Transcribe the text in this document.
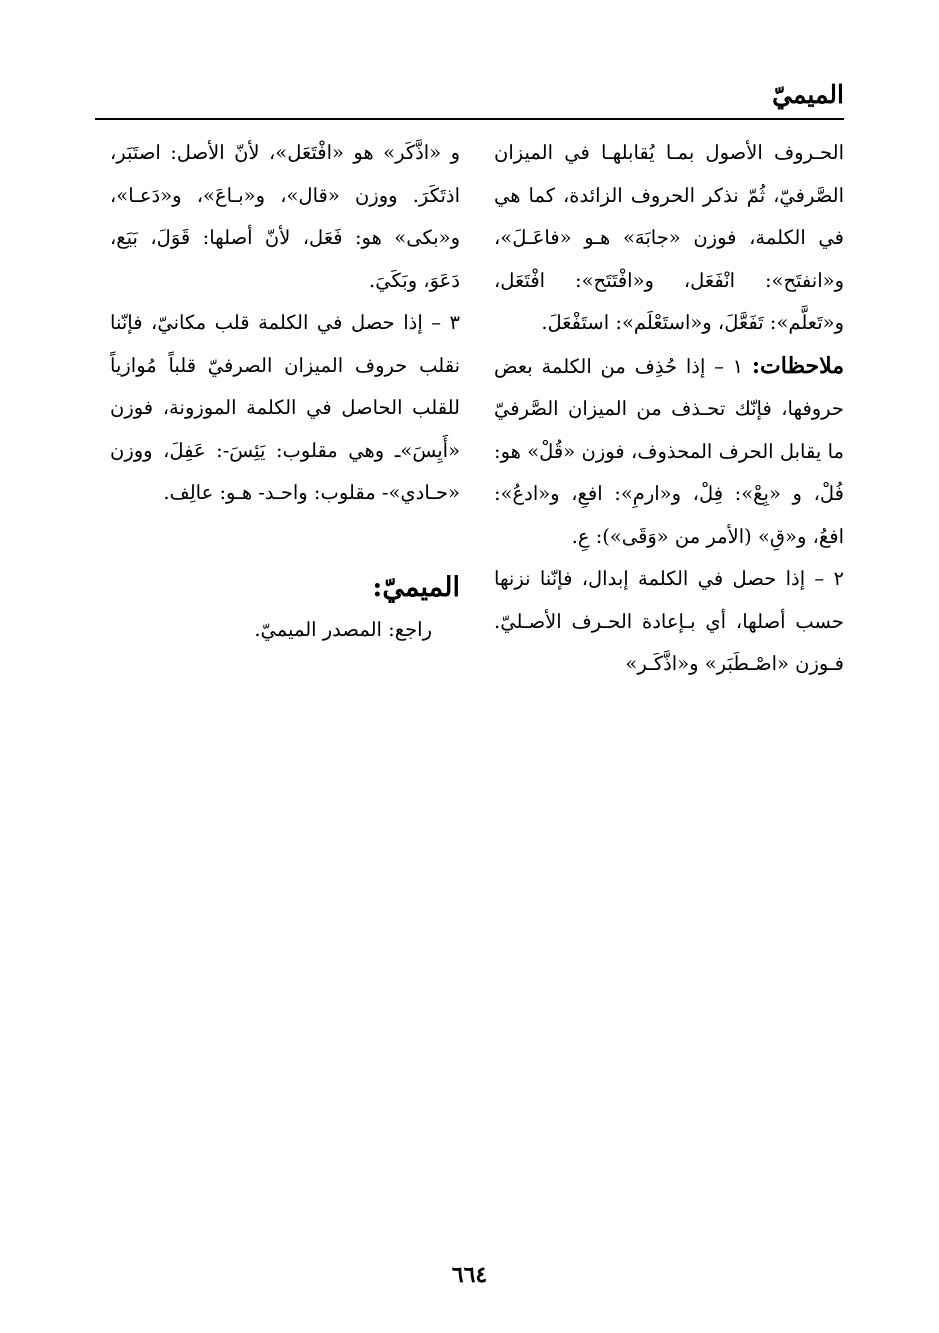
الميميّ

الحـروف الأصول بمـا يُقابلهـا في الميزان الصَّرفيّ، ثُمّ نذكر الحروف الزائدة، كما هي في الكلمة، فوزن «جابَهَ» هـو «فاعَـلَ»، و«انفتَح»: انْفَعَل، و«افْتَتَح»: افْتَعَل، و«تَعلَّم»: تَفَعَّلَ، و«استَعْلَم»: استَفْعَلَ.

ملاحظات: ١ – إذا حُذِف من الكلمة بعض حروفها، فإنّك تحـذف من الميزان الصَّرفيّ ما يقابل الحرف المحذوف، فوزن «قُلْ» هو: فُلْ، و «بِعْ»: فِلْ، و«ارمِ»: افعِ، و«ادعُ»: افعُ، و«قِ» (الأمر من «وَقَى»): عِ.

٢ – إذا حصل في الكلمة إبدال، فإنّنا نزنها حسب أصلها، أي بـإعادة الحـرف الأصـليّ. فـوزن «اصْـطَبَر» و«اذَّكَـر»

و «اذَّكَر» هو «افْتَعَل»، لأنّ الأصل: اصتَبَر، اذتَكَرَ. ووزن «قال»، و«بـاعَ»، و«دَعـا»، و«بكى» هو: فَعَل، لأنّ أصلها: قَوَلَ، بَيَع، دَعَوَ، وبَكَيَ.

٣ – إذا حصل في الكلمة قلب مكانيّ، فإنّنا نقلب حروف الميزان الصرفيّ قلباً مُوازياً للقلب الحاصل في الكلمة الموزونة، فوزن «أَيِسَ»ـ وهي مقلوب: يَئِسَ-: عَفِلَ، ووزن «حـادي»- مقلوب: واحـد- هـو: عالِف.

الميميّ:

راجع: المصدر الميميّ.

٦٦٤
